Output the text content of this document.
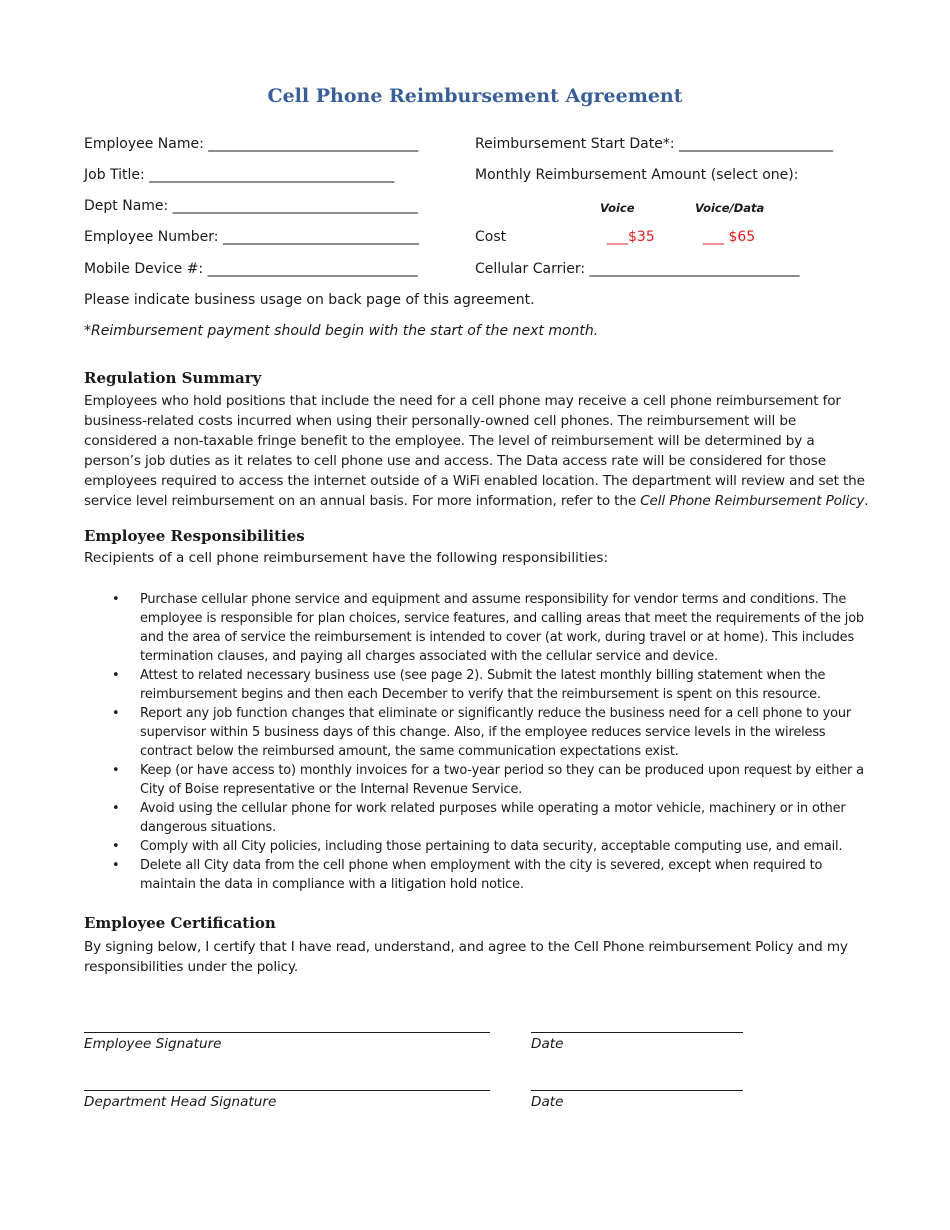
Cell Phone Reimbursement Agreement
Employee Name: ______________________________
Job Title: ___________________________________
Dept Name: ___________________________________
Employee Number: ____________________________
Mobile Device #: ______________________________
Reimbursement Start Date*: ______________________
Monthly Reimbursement Amount (select one):
Voice	Voice/Data
Cost	___$35	___ $65
Cellular Carrier: ______________________________
Please indicate business usage on back page of this agreement.
*Reimbursement payment should begin with the start of the next month.
Regulation Summary

Employees who hold positions that include the need for a cell phone may receive a cell phone reimbursement for
business-related costs incurred when using their personally-owned cell phones. The reimbursement will be
considered a non-taxable fringe benefit to the employee. The level of reimbursement will be determined by a
person’s job duties as it relates to cell phone use and access. The Data access rate will be considered for those
employees required to access the internet outside of a WiFi enabled location. The department will review and set the
service level reimbursement on an annual basis. For more information, refer to the Cell Phone Reimbursement Policy.

Employee Responsibilities
Recipients of a cell phone reimbursement have the following responsibilities:
• Purchase cellular phone service and equipment and assume responsibility for vendor terms and conditions. The employee is responsible for plan choices, service features, and calling areas that meet the requirements of the job and the area of service the reimbursement is intended to cover (at work, during travel or at home). This includes termination clauses, and paying all charges associated with the cellular service and device.
• Attest to related necessary business use (see page 2). Submit the latest monthly billing statement when the reimbursement begins and then each December to verify that the reimbursement is spent on this resource.
• Report any job function changes that eliminate or significantly reduce the business need for a cell phone to your supervisor within 5 business days of this change. Also, if the employee reduces service levels in the wireless contract below the reimbursed amount, the same communication expectations exist.
• Keep (or have access to) monthly invoices for a two-year period so they can be produced upon request by either a City of Boise representative or the Internal Revenue Service.
• Avoid using the cellular phone for work related purposes while operating a motor vehicle, machinery or in other dangerous situations.
• Comply with all City policies, including those pertaining to data security, acceptable computing use, and email.
• Delete all City data from the cell phone when employment with the city is severed, except when required to maintain the data in compliance with a litigation hold notice.
Employee Certification

By signing below, I certify that I have read, understand, and agree to the Cell Phone reimbursement Policy and my
responsibilities under the policy.

Employee Signature	Date
Department Head Signature	Date
